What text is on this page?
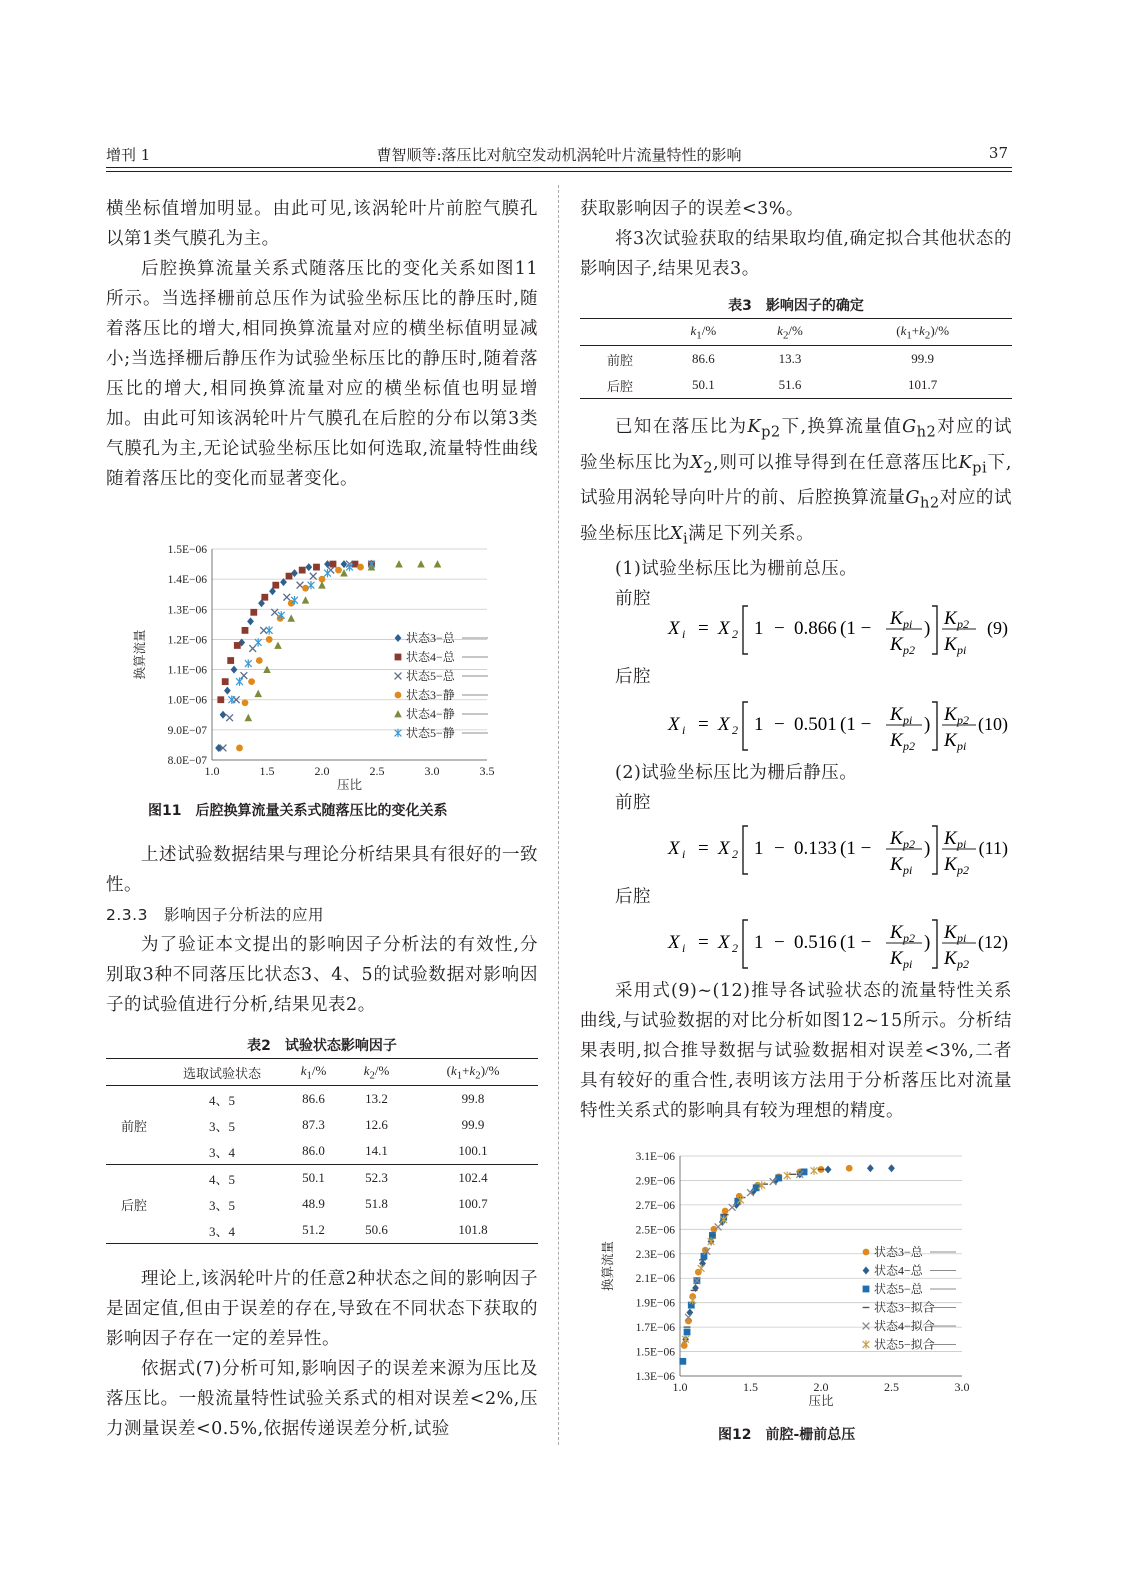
增刊 1	曹智顺等:落压比对航空发动机涡轮叶片流量特性的影响	37

横坐标值增加明显。由此可见,该涡轮叶片前腔气膜孔以第1类气膜孔为主。

后腔换算流量关系式随落压比的变化关系如图11所示。当选择栅前总压作为试验坐标压比的静压时,随着落压比的增大,相同换算流量对应的横坐标值明显减小;当选择栅后静压作为试验坐标压比的静压时,随着落压比的增大,相同换算流量对应的横坐标值也明显增加。由此可知该涡轮叶片气膜孔在后腔的分布以第3类气膜孔为主,无论试验坐标压比如何选取,流量特性曲线随着落压比的变化而显著变化。

8.0E−07
9.0E−07
1.0E−06
1.1E−06
1.2E−06
1.3E−06
1.4E−06
1.5E−06
1.0	1.5	2.0	2.5	3.0	3.5
压比
换算流量	状态3−总
状态4−总
状态5−总
状态3−静
状态4−静
状态5−静
图11　后腔换算流量关系式随落压比的变化关系

上述试验数据结果与理论分析结果具有很好的一致性。

2.3.3　影响因子分析法的应用

为了验证本文提出的影响因子分析法的有效性,分别取3种不同落压比状态3、4、5的试验数据对影响因子的试验值进行分析,结果见表2。

表2　试验状态影响因子
	选取试验状态	$k_1/\%$	$k_2/\%$	$(k_1+k_2)/\%$
前腔	4、5	86.6	13.2	99.8
	3、5	87.3	12.6	99.9
	3、4	86.0	14.1	100.1
后腔	4、5	50.1	52.3	102.4
	3、5	48.9	51.8	100.7
	3、4	51.2	50.6	101.8

理论上,该涡轮叶片的任意2种状态之间的影响因子是固定值,但由于误差的存在,导致在不同状态下获取的影响因子存在一定的差异性。

依据式(7)分析可知,影响因子的误差来源为压比及落压比。一般流量特性试验关系式的相对误差<2%,压力测量误差<0.5%,依据传递误差分析,试验

获取影响因子的误差<3%。

将3次试验获取的结果取均值,确定拟合其他状态的影响因子,结果见表3。

表3　影响因子的确定
	$k_1/\%$	$k_2/\%$	$(k_1+k_2)/\%$
前腔	86.6	13.3	99.9
后腔	50.1	51.6	101.7

已知在落压比为$K_{p2}$下,换算流量值$G_{h2}$对应的试验坐标压比为$X_2$,则可以推导得到在任意落压比$K_{pi}$下,试验用涡轮导向叶片的前、后腔换算流量$G_{h2}$对应的试验坐标压比$X_i$满足下列关系。

(1)试验坐标压比为栅前总压。

前腔

X i = X 2 1 − 0.866 (1 − K pi
K p2
) K p2
K pi
(9)

后腔

X i = X 2 1 − 0.501 (1 − K pi
K p2
) K p2
K pi
(10)

(2)试验坐标压比为栅后静压。

前腔

X i = X 2 1 − 0.133 (1 − K p2
K pi
) K pi
K p2
(11)

后腔

X i = X 2 1 − 0.516 (1 − K p2
K pi
) K pi
K p2
(12)

采用式(9)~(12)推导各试验状态的流量特性关系曲线,与试验数据的对比分析如图12~15所示。分析结果表明,拟合推导数据与试验数据相对误差<3%,二者具有较好的重合性,表明该方法用于分析落压比对流量特性关系式的影响具有较为理想的精度。

1.3E−06
1.5E−06
1.7E−06
1.9E−06
2.1E−06
2.3E−06
2.5E−06
2.7E−06
2.9E−06
3.1E−06
1.0	1.5	2.0	2.5	3.0
压比
换算流量	状态3−总
状态4−总
状态5−总
状态3−拟合
状态4−拟合
状态5−拟合
图12　前腔-栅前总压
